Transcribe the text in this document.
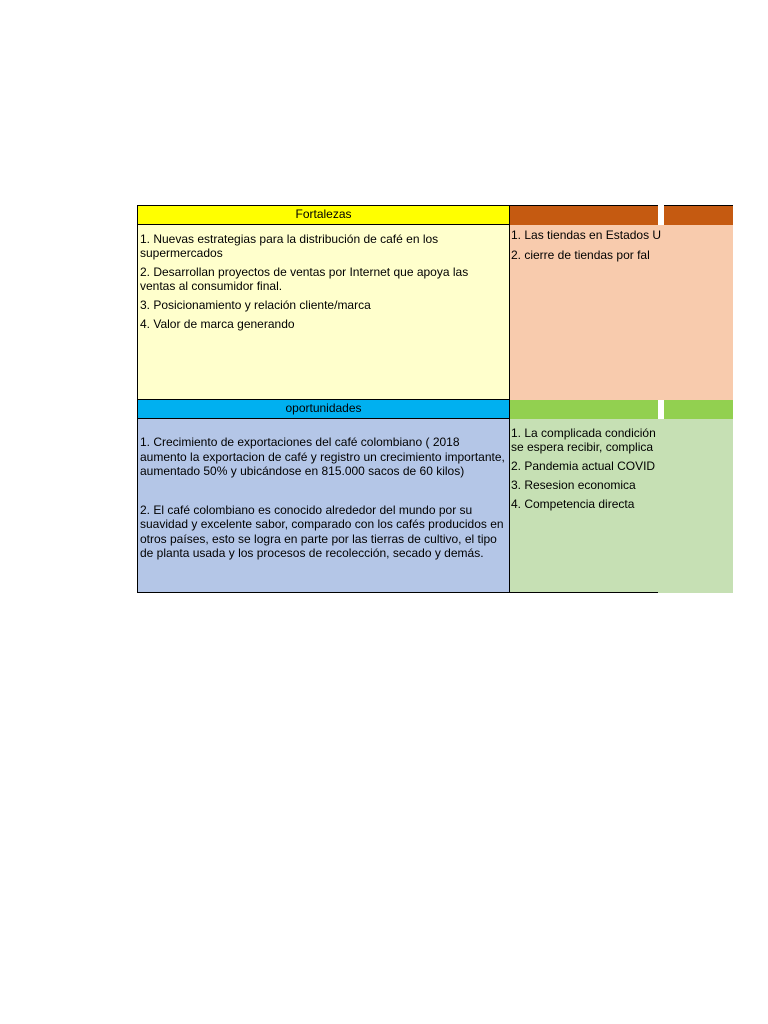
Fortalezas

1. Nuevas estrategias para la distribución de café en los supermercados

2. Desarrollan proyectos de ventas por Internet que apoya las ventas al consumidor final.

3. Posicionamiento y relación cliente/marca

4. Valor de marca generando

1. Las tiendas en Estados U

2. cierre de tiendas por fal

oportunidades

1. Crecimiento de exportaciones del café colombiano ( 2018 aumento la exportacion de café y registro un crecimiento importante, aumentado 50% y ubicándose en 815.000 sacos de 60 kilos)

2. El café colombiano es conocido alrededor del mundo por su suavidad y excelente sabor, comparado con los cafés producidos en otros países, esto se logra en parte por las tierras de cultivo, el tipo de planta usada y los procesos de recolección, secado y demás.

1. La complicada condición

se espera recibir, complica

2. Pandemia actual COVID

3. Resesion economica

4. Competencia directa
